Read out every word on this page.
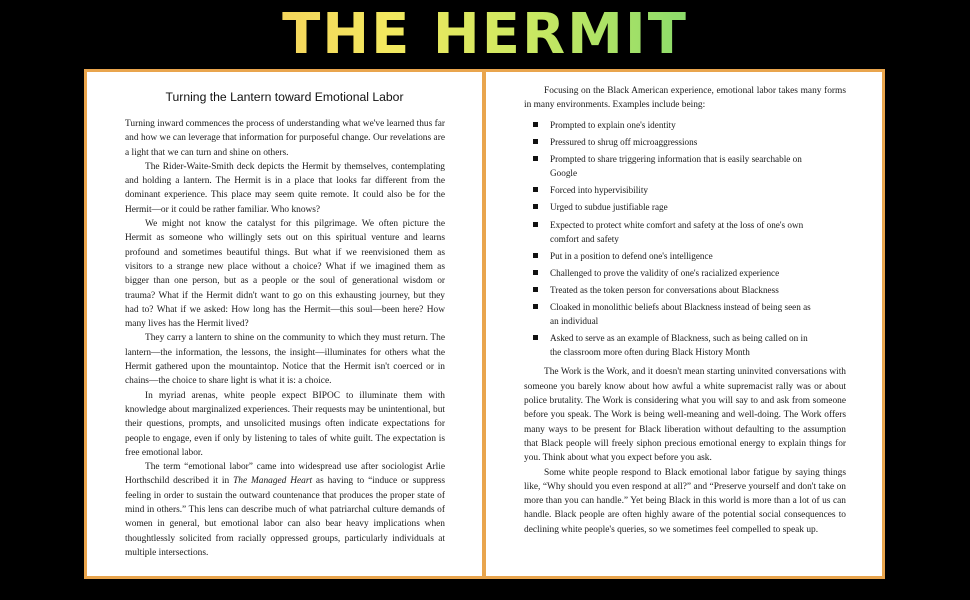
THE HERMIT
Turning the Lantern toward Emotional Labor

Turning inward commences the process of understanding what we've learned thus far and how we can leverage that information for purposeful change. Our revelations are a light that we can turn and shine on others.

The Rider-Waite-Smith deck depicts the Hermit by themselves, contemplating and holding a lantern. The Hermit is in a place that looks far different from the dominant experience. This place may seem quite remote. It could also be for the Hermit—or it could be rather familiar. Who knows?

We might not know the catalyst for this pilgrimage. We often picture the Hermit as someone who willingly sets out on this spiritual venture and learns profound and sometimes beautiful things. But what if we reenvisioned them as visitors to a strange new place without a choice? What if we imagined them as bigger than one person, but as a people or the soul of generational wisdom or trauma? What if the Hermit didn't want to go on this exhausting journey, but they had to? What if we asked: How long has the Hermit—this soul—been here? How many lives has the Hermit lived?

They carry a lantern to shine on the community to which they must return. The lantern—the information, the lessons, the insight—illuminates for others what the Hermit gathered upon the mountaintop. Notice that the Hermit isn't coerced or in chains—the choice to share light is what it is: a choice.

In myriad arenas, white people expect BIPOC to illuminate them with knowledge about marginalized experiences. Their requests may be unintentional, but their questions, prompts, and unsolicited musings often indicate expectations for people to engage, even if only by listening to tales of white guilt. The expectation is free emotional labor.

The term “emotional labor” came into widespread use after sociologist Arlie Horthschild described it in The Managed Heart as having to “induce or suppress feeling in order to sustain the outward countenance that produces the proper state of mind in others.” This lens can describe much of what patriarchal culture demands of women in general, but emotional labor can also bear heavy implications when thoughtlessly solicited from racially oppressed groups, particularly individuals at multiple intersections.

Focusing on the Black American experience, emotional labor takes many forms in many environments. Examples include being:

Prompted to explain one's identity
Pressured to shrug off microaggressions
Prompted to share triggering information that is easily searchable on Google
Forced into hypervisibility
Urged to subdue justifiable rage
Expected to protect white comfort and safety at the loss of one's own comfort and safety
Put in a position to defend one's intelligence
Challenged to prove the validity of one's racialized experience
Treated as the token person for conversations about Blackness
Cloaked in monolithic beliefs about Blackness instead of being seen as an individual
Asked to serve as an example of Blackness, such as being called on in the classroom more often during Black History Month

The Work is the Work, and it doesn't mean starting uninvited conversations with someone you barely know about how awful a white supremacist rally was or about police brutality. The Work is considering what you will say to and ask from someone before you speak. The Work is being well-meaning and well-doing. The Work offers many ways to be present for Black liberation without defaulting to the assumption that Black people will freely siphon precious emotional energy to explain things for you. Think about what you expect before you ask.

Some white people respond to Black emotional labor fatigue by saying things like, “Why should you even respond at all?” and “Preserve yourself and don't take on more than you can handle.” Yet being Black in this world is more than a lot of us can handle. Black people are often highly aware of the potential social consequences to declining white people's queries, so we sometimes feel compelled to speak up.
